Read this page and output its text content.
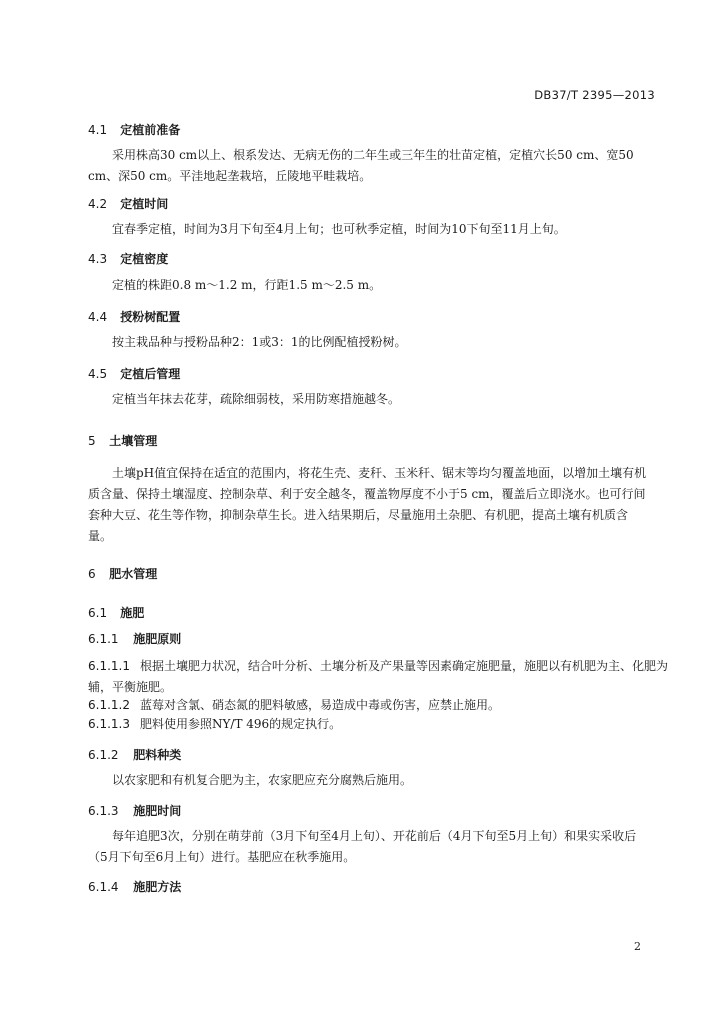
DB37/T 2395—2013
4.1 定植前准备

采用株高30 cm以上、根系发达、无病无伤的二年生或三年生的壮苗定植，定植穴长50 cm、宽50 cm、深50 cm。平洼地起垄栽培，丘陵地平畦栽培。

4.2 定植时间

宜春季定植，时间为3月下旬至4月上旬；也可秋季定植，时间为10下旬至11月上旬。

4.3 定植密度

定植的株距0.8 m～1.2 m，行距1.5 m～2.5 m。

4.4 授粉树配置

按主栽品种与授粉品种2：1或3：1的比例配植授粉树。

4.5 定植后管理

定植当年抹去花芽，疏除细弱枝，采用防寒措施越冬。

5 土壤管理

土壤pH值宜保持在适宜的范围内，将花生壳、麦秆、玉米秆、锯末等均匀覆盖地面，以增加土壤有机质含量、保持土壤湿度、控制杂草、利于安全越冬，覆盖物厚度不小于5 cm，覆盖后立即浇水。也可行间套种大豆、花生等作物，抑制杂草生长。进入结果期后，尽量施用土杂肥、有机肥，提高土壤有机质含量。

6 肥水管理
6.1 施肥
6.1.1 施肥原则

6.1.1.1 根据土壤肥力状况，结合叶分析、土壤分析及产果量等因素确定施肥量，施肥以有机肥为主、化肥为辅，平衡施肥。

6.1.1.2 蓝莓对含氯、硝态氮的肥料敏感，易造成中毒或伤害，应禁止施用。

6.1.1.3 肥料使用参照NY/T 496的规定执行。

6.1.2 肥料种类

以农家肥和有机复合肥为主，农家肥应充分腐熟后施用。

6.1.3 施肥时间

每年追肥3次，分别在萌芽前（3月下旬至4月上旬）、开花前后（4月下旬至5月上旬）和果实采收后（5月下旬至6月上旬）进行。基肥应在秋季施用。

6.1.4 施肥方法
2
